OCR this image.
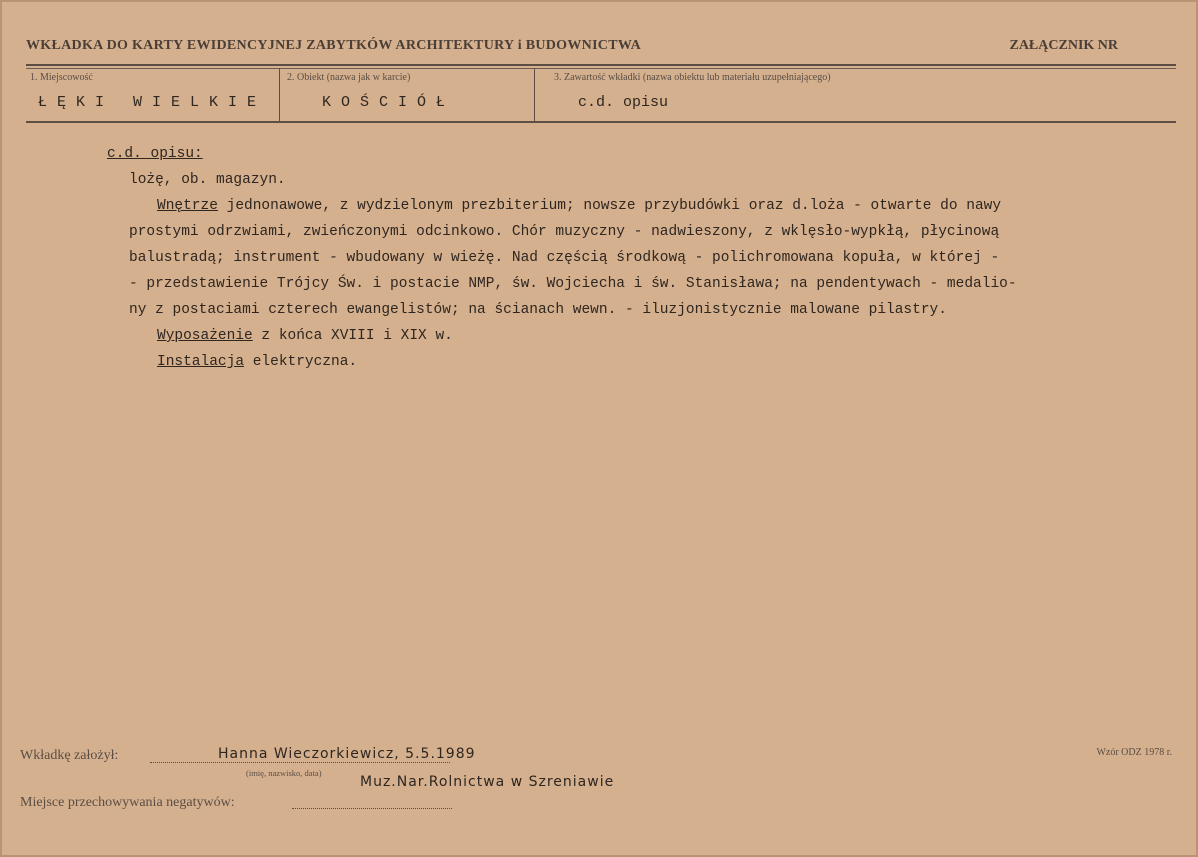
WKŁADKA DO KARTY EWIDENCYJNEJ ZABYTKÓW ARCHITEKTURY i BUDOWNICTWA	ZAŁĄCZNIK NR
1. Miejscowość
ŁĘKI WIELKIE
2. Obiekt (nazwa jak w karcie)
KOŚCIÓŁ
3. Zawartość wkładki (nazwa obiektu lub materiału uzupełniającego)
c.d. opisu
c.d. opisu:
lożę, ob. magazyn.
Wnętrze jednonawowe, z wydzielonym prezbiterium; nowsze przybudówki oraz d.loża - otwarte do nawy
prostymi odrzwiami, zwieńczonymi odcinkowo. Chór muzyczny - nadwieszony, z wklęsło-wypkłą, płycinową
balustradą; instrument - wbudowany w wieżę. Nad częścią środkową - polichromowana kopuła, w której -
- przedstawienie Trójcy Św. i postacie NMP, św. Wojciecha i św. Stanisława; na pendentywach - medalio-
ny z postaciami czterech ewangelistów; na ścianach wewn. - iluzjonistycznie malowane pilastry.
Wyposażenie z końca XVIII i XIX w.
Instalacja elektryczna.
Wkładkę założył:	Hanna Wieczorkiewicz, 5.5.1989
(imię, nazwisko, data)
Muz.Nar.Rolnictwa w Szreniawie
Wzór ODZ 1978 r.
Miejsce przechowywania negatywów:
